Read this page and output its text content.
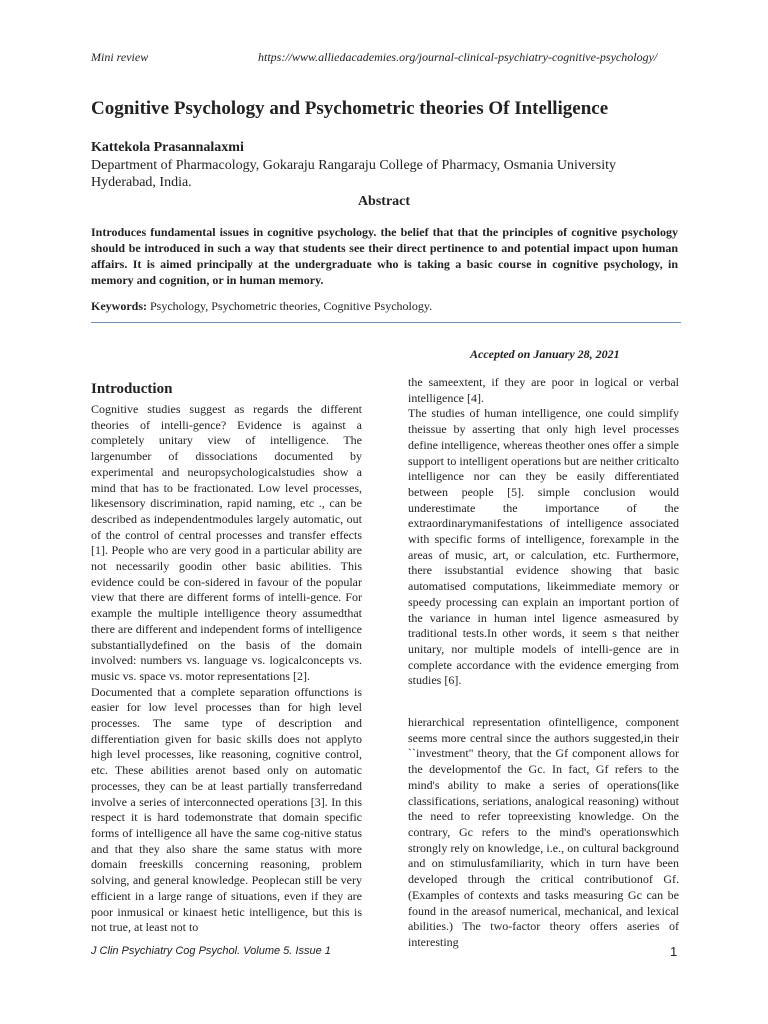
Mini review	https://www.alliedacademies.org/journal-clinical-psychiatry-cognitive-psychology/
Cognitive Psychology and Psychometric theories Of Intelligence
Kattekola Prasannalaxmi
Department of Pharmacology, Gokaraju Rangaraju College of Pharmacy, Osmania University Hyderabad, India.
Abstract
Introduces fundamental issues in cognitive psychology. the belief that that the principles of cognitive psychology should be introduced in such a way that students see their direct pertinence to and potential impact upon human affairs. It is aimed principally at the undergraduate who is taking a basic course in cognitive psychology, in memory and cognition, or in human memory.
Keywords: Psychology, Psychometric theories, Cognitive Psychology.
Accepted on January 28, 2021
Introduction

Cognitive studies suggest as regards the different theories of intelli-gence? Evidence is against a completely unitary view of intelligence. The largenumber of dissociations documented by experimental and neuropsychologicalstudies show a mind that has to be fractionated. Low level processes, likesensory discrimination, rapid naming, etc ., can be described as independentmodules largely automatic, out of the control of central processes and transfer effects [1]. People who are very good in a particular ability are not necessarily goodin other basic abilities. This evidence could be con-sidered in favour of the popular view that there are different forms of intelli-gence. For example the multiple intelligence theory assumedthat there are different and independent forms of intelligence substantiallydefined on the basis of the domain involved: numbers vs. language vs. logicalconcepts vs. music vs. space vs. motor representations [2].

Documented that a complete separation offunctions is easier for low level processes than for high level processes. The same type of description and differentiation given for basic skills does not applyto high level processes, like reasoning, cognitive control, etc. These abilities arenot based only on automatic processes, they can be at least partially transferredand involve a series of interconnected operations [3]. In this respect it is hard todemonstrate that domain specific forms of intelligence all have the same cog-nitive status and that they also share the same status with more domain freeskills concerning reasoning, problem solving, and general knowledge. Peoplecan still be very efficient in a large range of situations, even if they are poor inmusical or kinaest hetic intelligence, but this is not true, at least not to

the sameextent, if they are poor in logical or verbal intelligence [4].

The studies of human intelligence, one could simplify theissue by asserting that only high level processes define intelligence, whereas theother ones offer a simple support to intelligent operations but are neither criticalto intelligence nor can they be easily differentiated between people [5]. simple conclusion would underestimate the importance of the extraordinarymanifestations of intelligence associated with specific forms of intelligence, forexample in the areas of music, art, or calculation, etc. Furthermore, there issubstantial evidence showing that basic automatised computations, likeimmediate memory or speedy processing can explain an important portion of the variance in human intel ligence asmeasured by traditional tests.In other words, it seem s that neither unitary, nor multiple models of intelli-gence are in complete accordance with the evidence emerging from studies [6].

hierarchical representation ofintelligence, component seems more central since the authors suggested,in their ``investment" theory, that the Gf component allows for the developmentof the Gc. In fact, Gf refers to the mind's ability to make a series of operations(like classifications, seriations, analogical reasoning) without the need to refer topreexisting knowledge. On the contrary, Gc refers to the mind's operationswhich strongly rely on knowledge, i.e., on cultural background and on stimulusfamiliarity, which in turn have been developed through the critical contributionof Gf. (Examples of contexts and tasks measuring Gc can be found in the areasof numerical, mechanical, and lexical abilities.) The two-factor theory offers aseries of interesting

J Clin Psychiatry Cog Psychol. Volume 5. Issue 1	1
